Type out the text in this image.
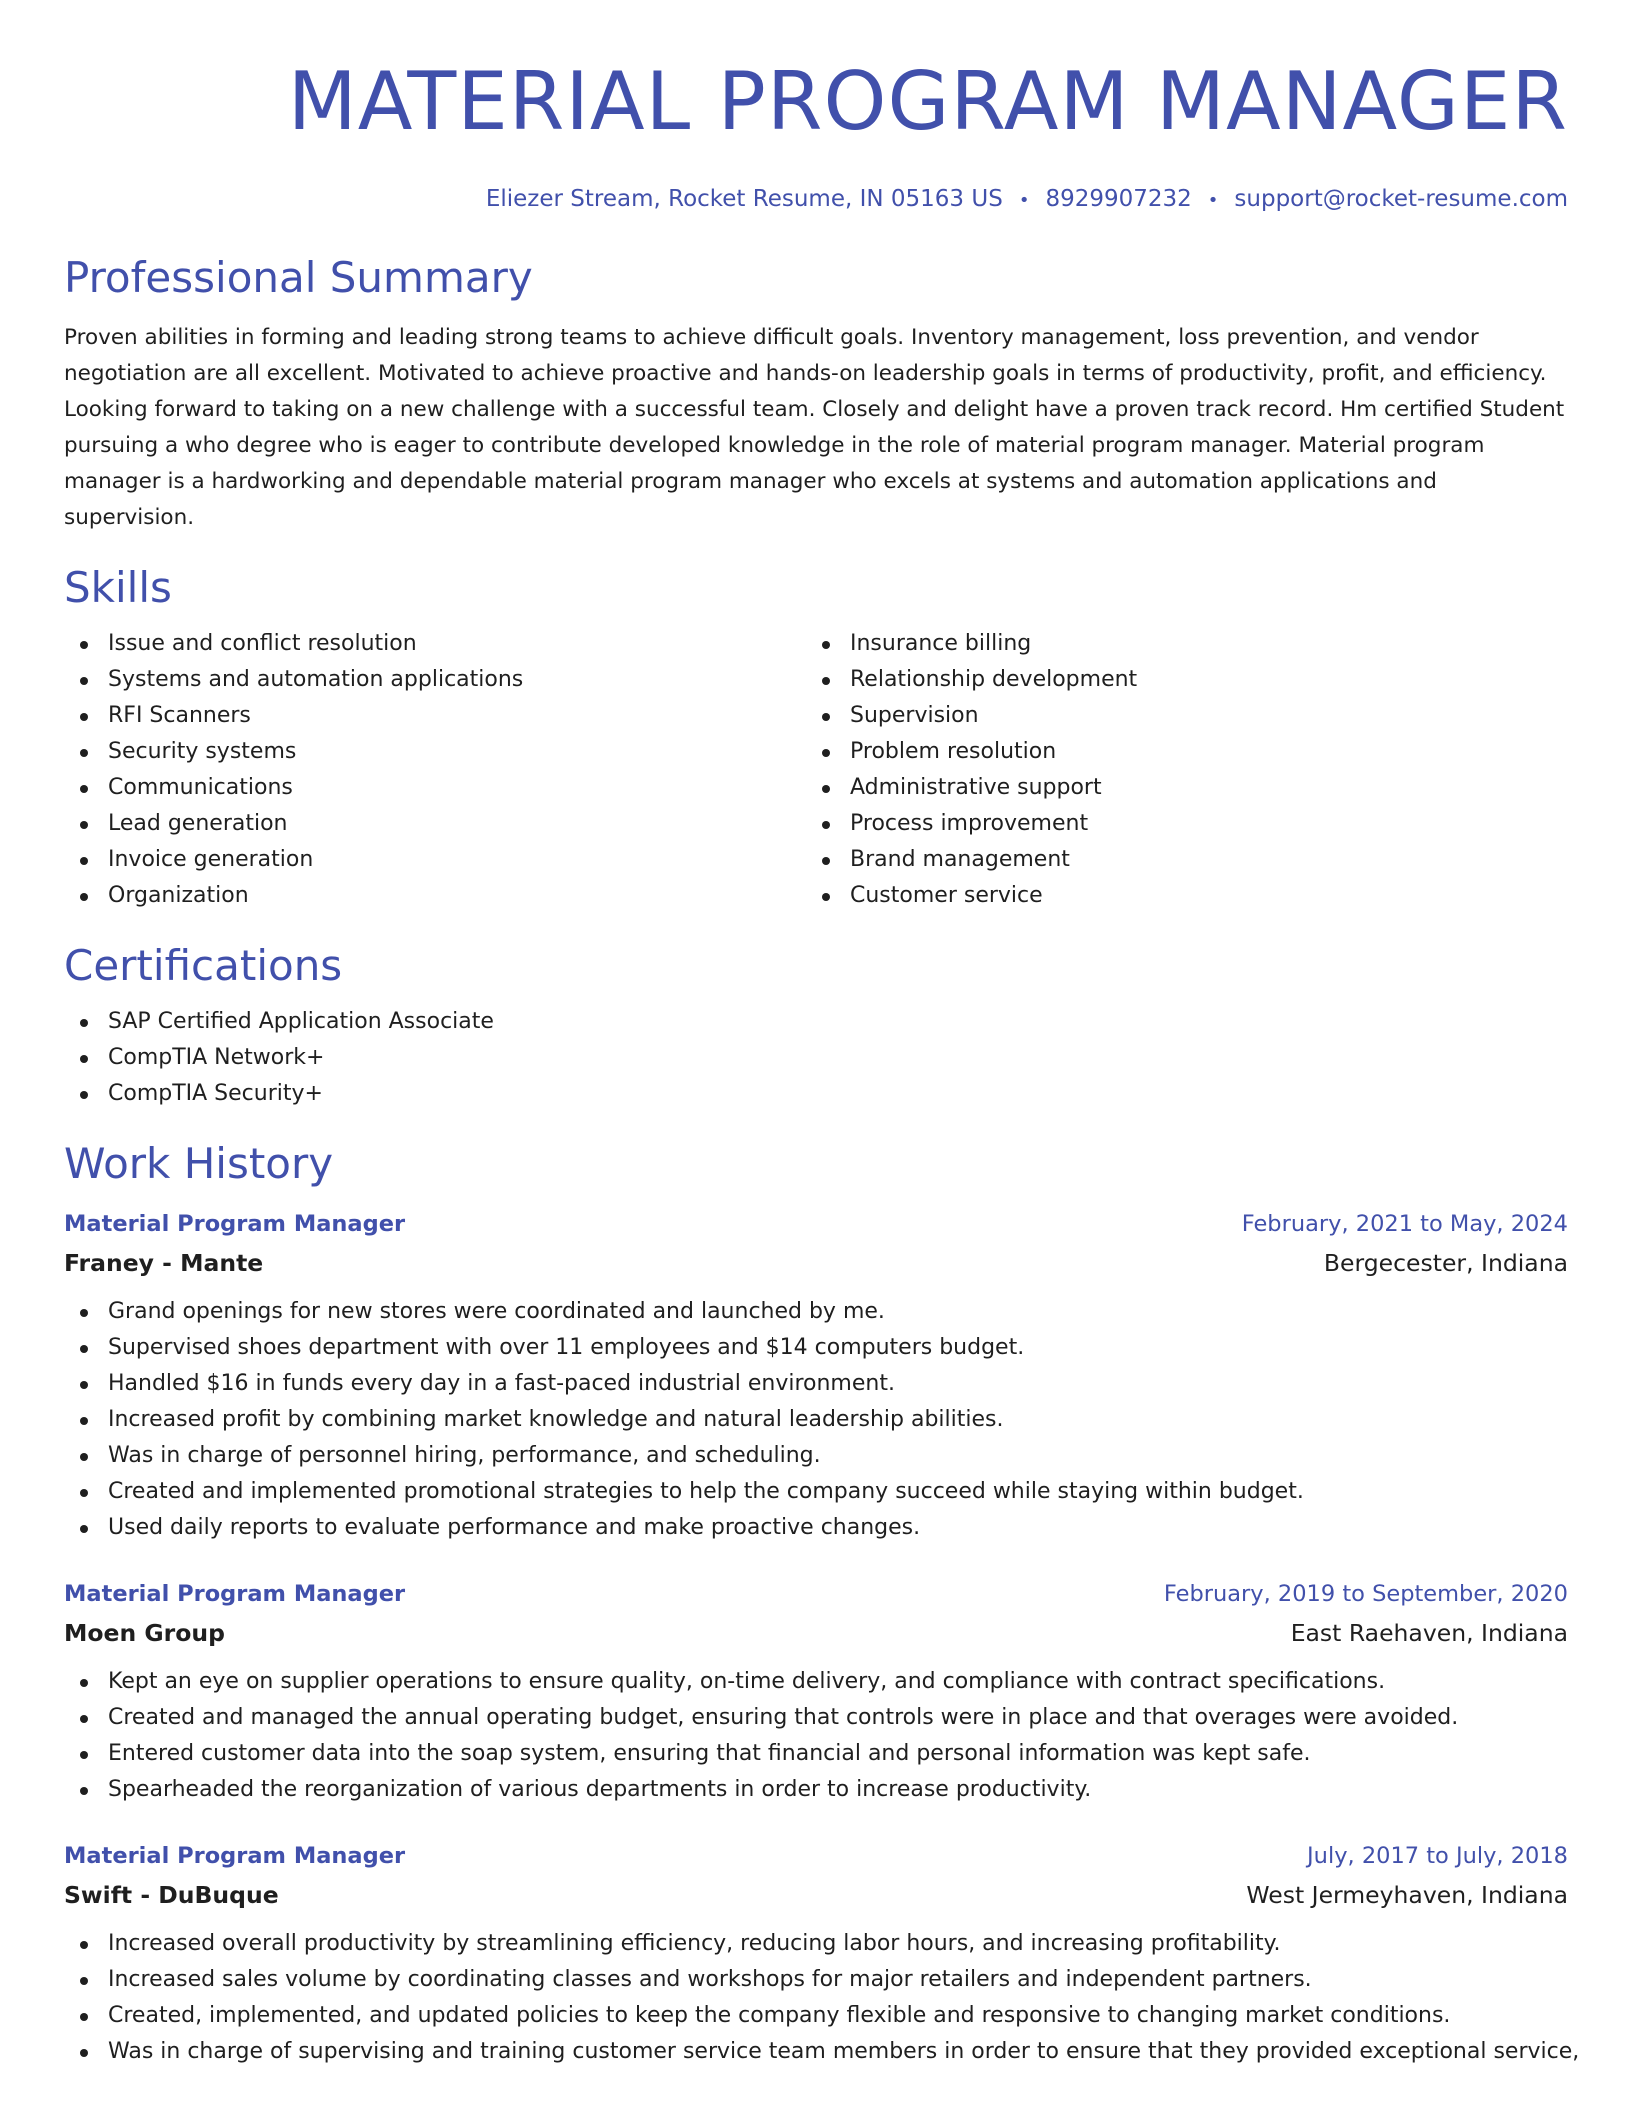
MATERIAL PROGRAM MANAGER
Eliezer Stream, Rocket Resume, IN 05163 US • 8929907232 • support@rocket-resume.com
Professional Summary

Proven abilities in forming and leading strong teams to achieve difficult goals. Inventory management, loss prevention, and vendor negotiation are all excellent. Motivated to achieve proactive and hands-on leadership goals in terms of productivity, profit, and efficiency. Looking forward to taking on a new challenge with a successful team. Closely and delight have a proven track record. Hm certified Student pursuing a who degree who is eager to contribute developed knowledge in the role of material program manager. Material program manager is a hardworking and dependable material program manager who excels at systems and automation applications and supervision.

Skills
Issue and conflict resolution
Systems and automation applications
RFI Scanners
Security systems
Communications
Lead generation
Invoice generation
Organization
Insurance billing
Relationship development
Supervision
Problem resolution
Administrative support
Process improvement
Brand management
Customer service
Certifications
SAP Certified Application Associate
CompTIA Network+
CompTIA Security+
Work History
Material Program Manager	February, 2021 to May, 2024
Franey - Mante	Bergecester, Indiana
Grand openings for new stores were coordinated and launched by me.
Supervised shoes department with over 11 employees and $14 computers budget.
Handled $16 in funds every day in a fast-paced industrial environment.
Increased profit by combining market knowledge and natural leadership abilities.
Was in charge of personnel hiring, performance, and scheduling.
Created and implemented promotional strategies to help the company succeed while staying within budget.
Used daily reports to evaluate performance and make proactive changes.
Material Program Manager	February, 2019 to September, 2020
Moen Group	East Raehaven, Indiana
Kept an eye on supplier operations to ensure quality, on-time delivery, and compliance with contract specifications.
Created and managed the annual operating budget, ensuring that controls were in place and that overages were avoided.
Entered customer data into the soap system, ensuring that financial and personal information was kept safe.
Spearheaded the reorganization of various departments in order to increase productivity.
Material Program Manager	July, 2017 to July, 2018
Swift - DuBuque	West Jermeyhaven, Indiana
Increased overall productivity by streamlining efficiency, reducing labor hours, and increasing profitability.
Increased sales volume by coordinating classes and workshops for major retailers and independent partners.
Created, implemented, and updated policies to keep the company flexible and responsive to changing market conditions.
Was in charge of supervising and training customer service team members in order to ensure that they provided exceptional service,
